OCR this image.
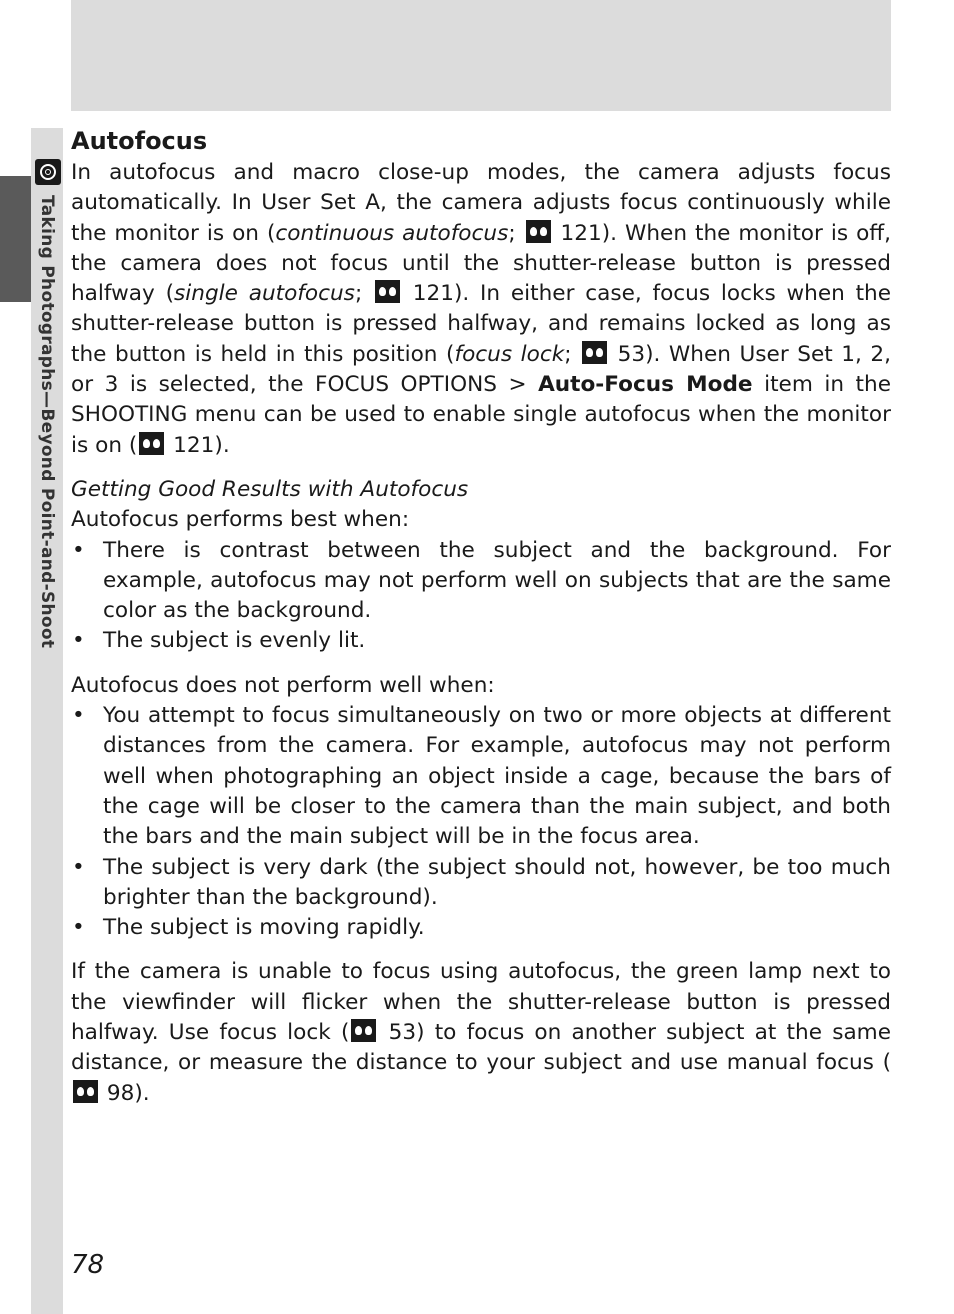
Taking Photographs—Beyond Point-and-Shoot
Autofocus

In autofocus and macro close-up modes, the camera adjusts focus automatically. In User Set A, the camera adjusts focus continuously while the monitor is on (continuous autofocus;  121). When the monitor is off, the camera does not focus until the shutter-release button is pressed halfway (single autofocus;  121). In either case, focus locks when the shutter-release button is pressed halfway, and remains locked as long as the button is held in this position (focus lock;  53). When User Set 1, 2, or 3 is selected, the FOCUS OPTIONS > Auto-Focus Mode item in the SHOOTING menu can be used to enable single autofocus when the monitor is on ( 121).

Getting Good Results with Autofocus

Autofocus performs best when:

• There is contrast between the subject and the background. For example, autofocus may not perform well on subjects that are the same color as the background.
• The subject is evenly lit.

Autofocus does not perform well when:

• You attempt to focus simultaneously on two or more objects at different distances from the camera. For example, autofocus may not perform well when photographing an object inside a cage, because the bars of the cage will be closer to the camera than the main subject, and both the bars and the main subject will be in the focus area.
• The subject is very dark (the subject should not, however, be too much brighter than the background).
• The subject is moving rapidly.

If the camera is unable to focus using autofocus, the green lamp next to the viewfinder will flicker when the shutter-release button is pressed halfway. Use focus lock ( 53) to focus on another subject at the same distance, or measure the distance to your subject and use manual focus ( 98).

78
